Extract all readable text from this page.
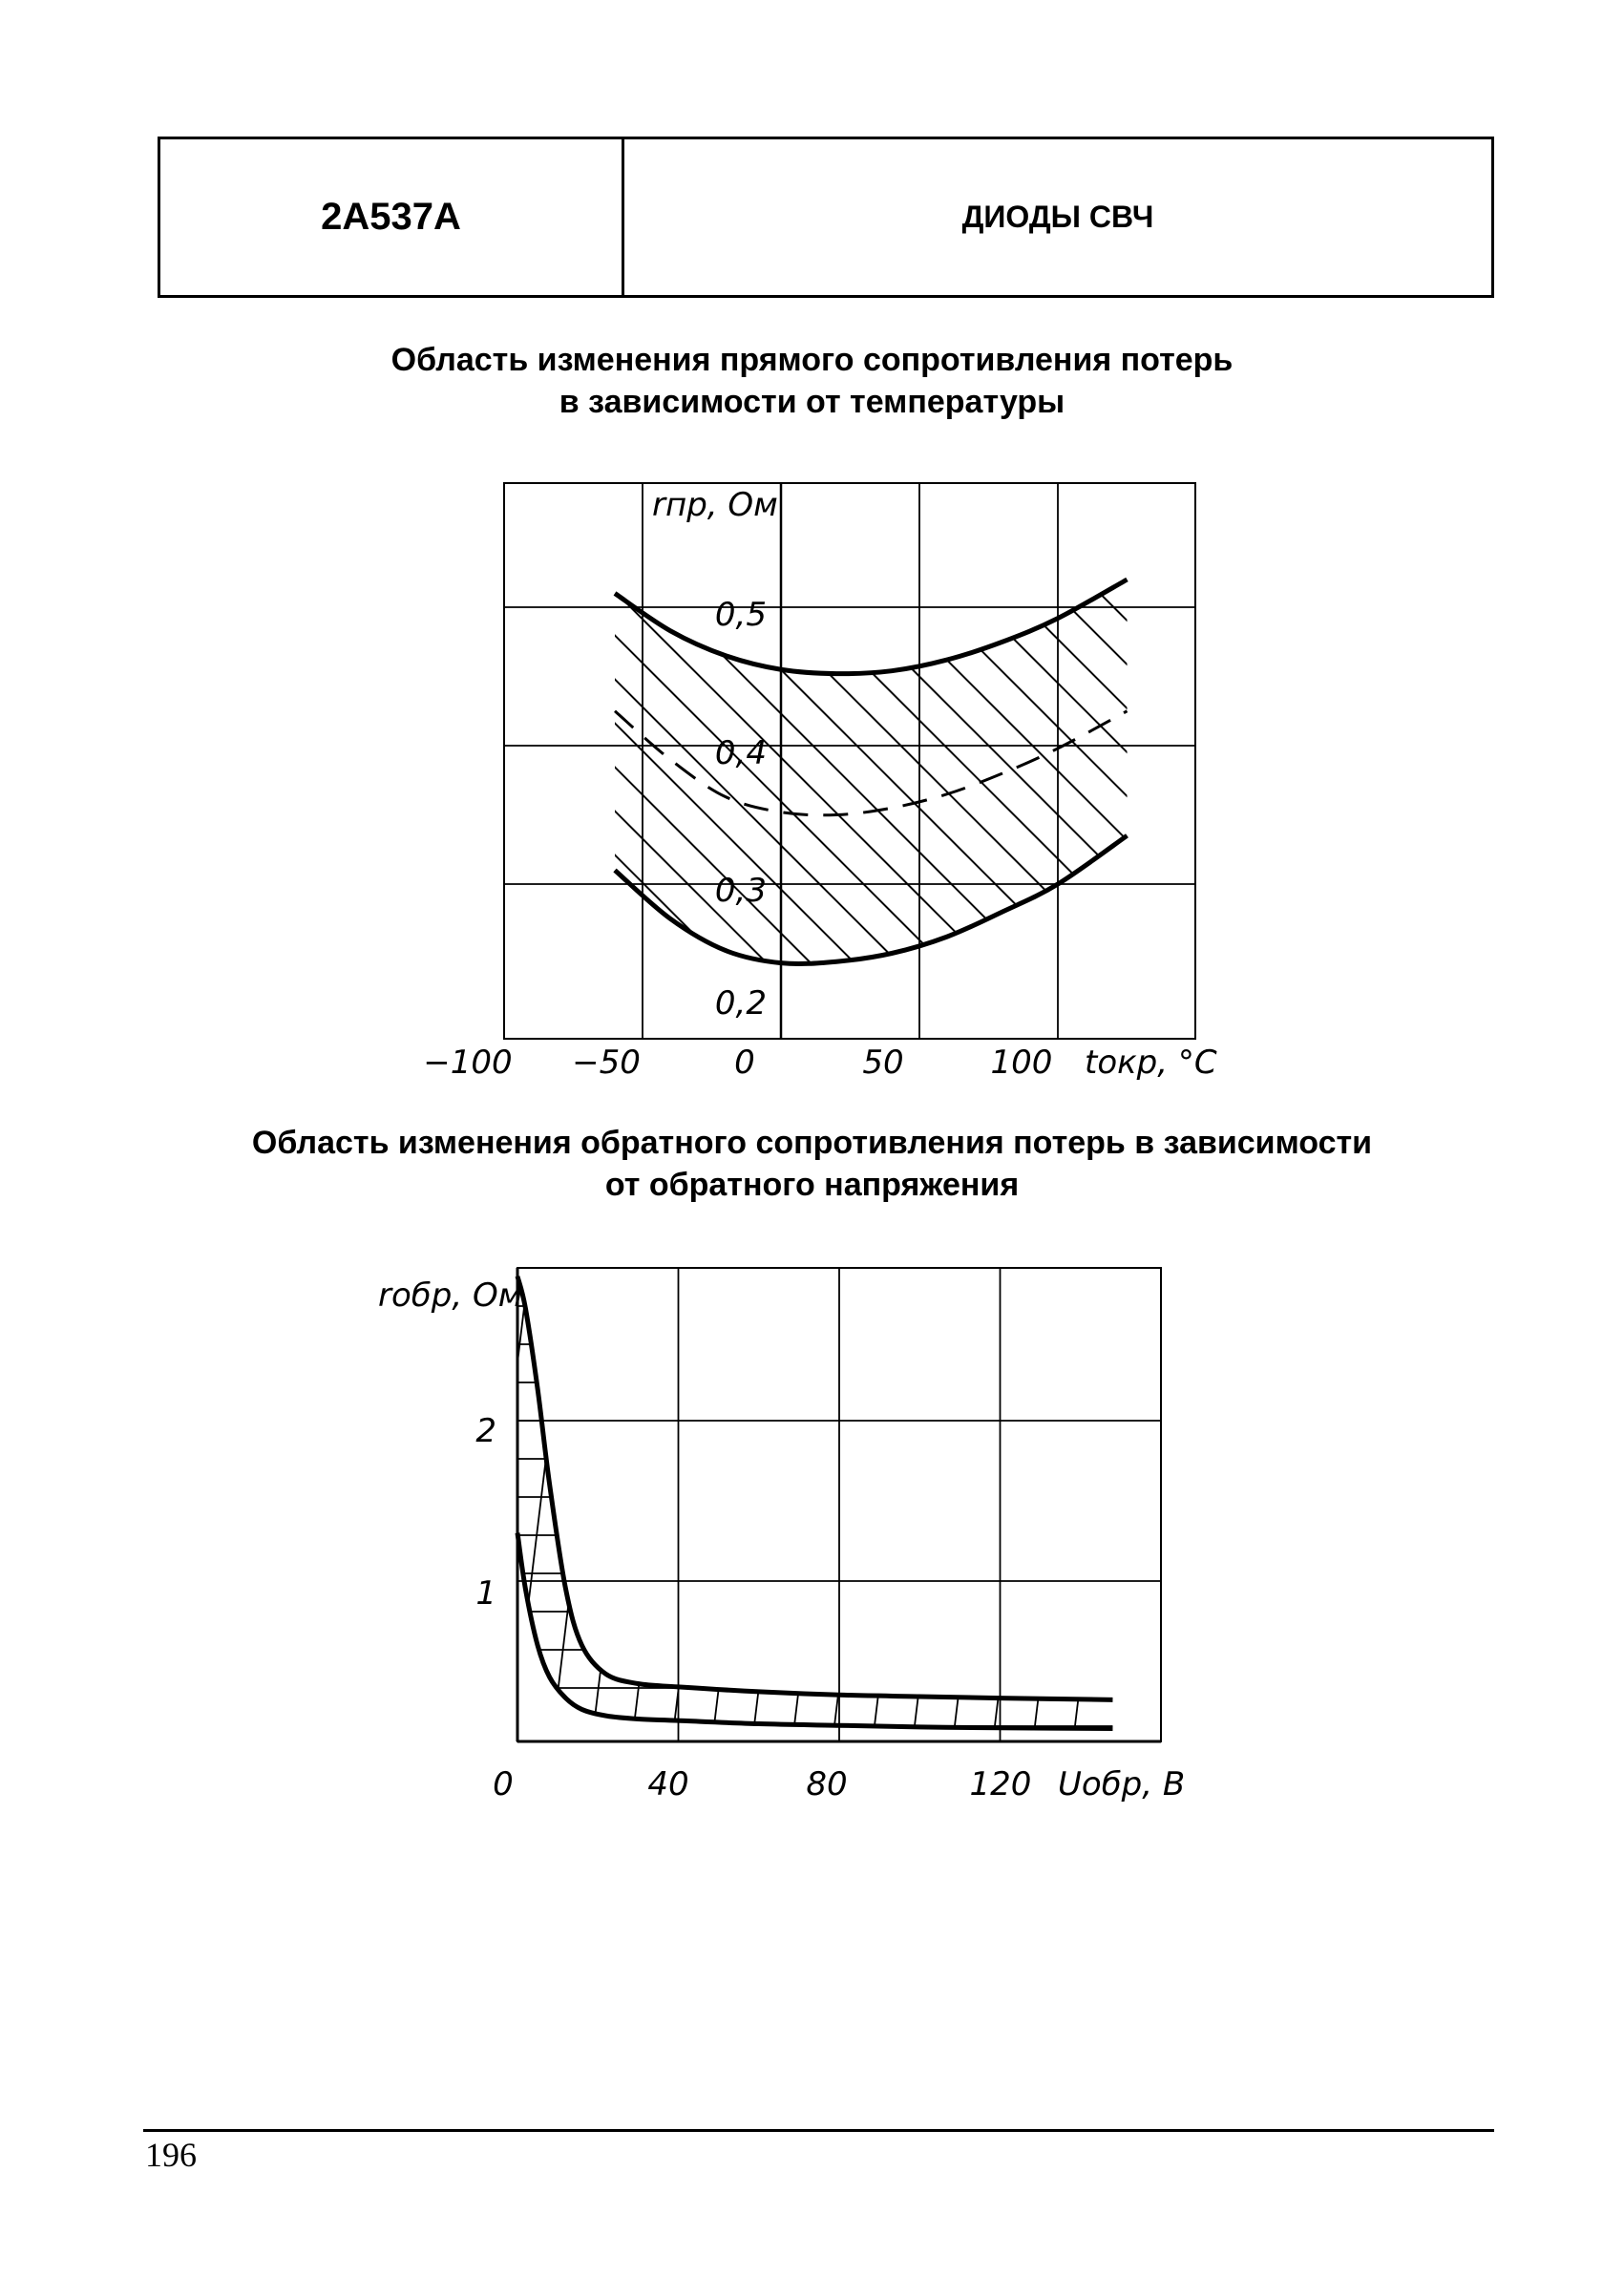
2А537А	ДИОДЫ СВЧ
Область изменения прямого сопротивления потерь
в зависимости от температуры
Область изменения обратного сопротивления потерь в зависимости
от обратного напряжения
0,2
0,3
0,4
0,5
rпр, Ом
−100 −50	0	50	100 tокр, °С
1
2
rобр, Ом
0	40	80	120 Uобр, В
196
